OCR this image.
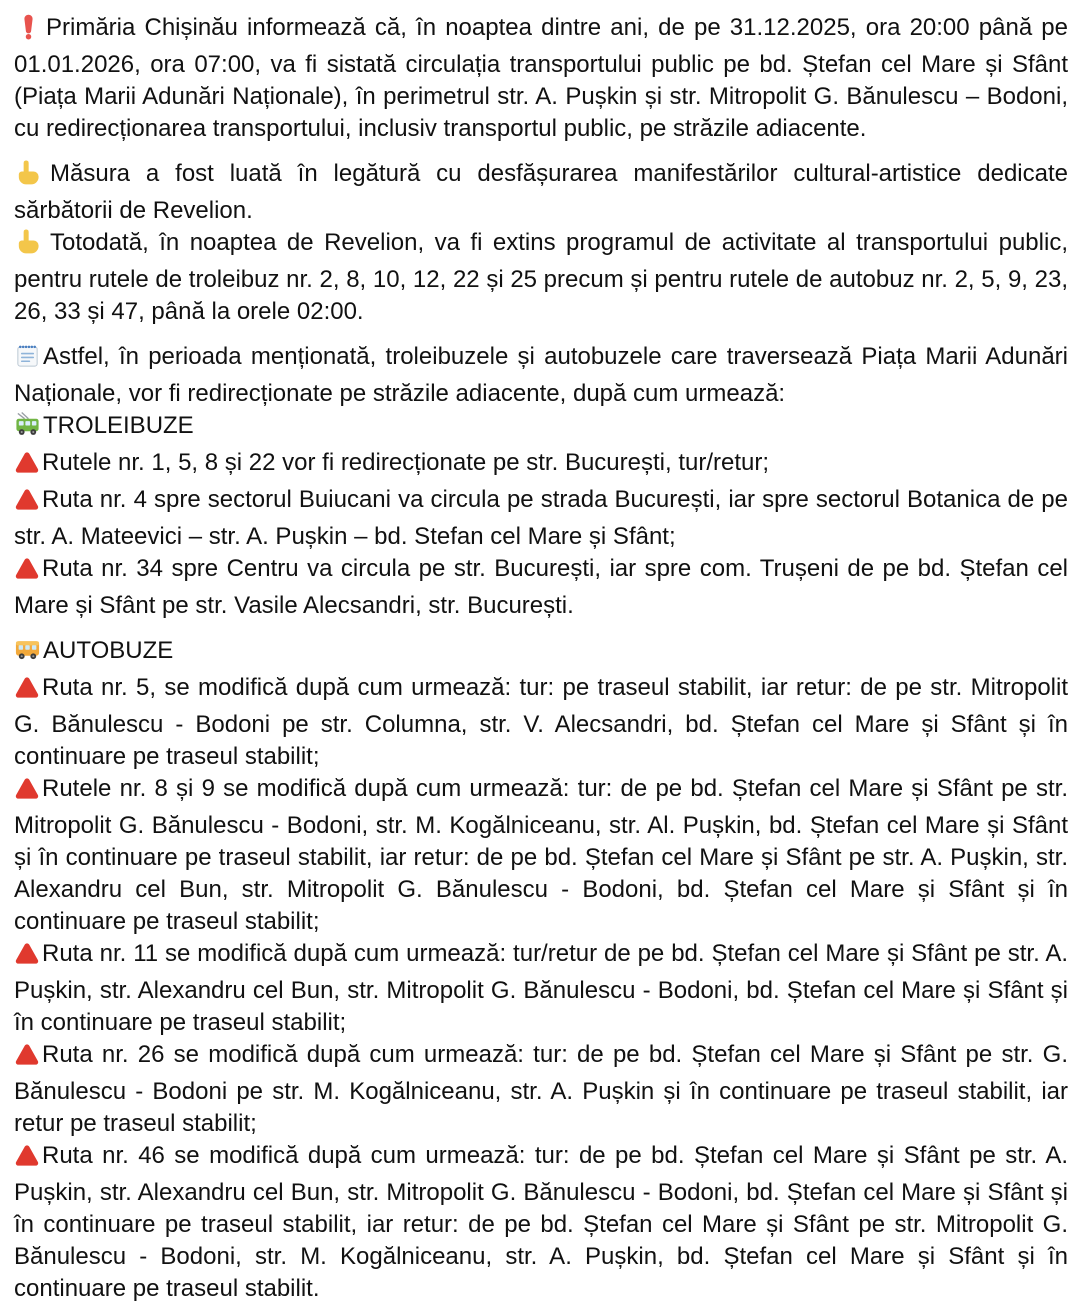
Primăria Chișinău informează că, în noaptea dintre ani, de pe 31.12.2025, ora 20:00 până pe 01.01.2026, ora 07:00, va fi sistată circulația transportului public pe bd. Ștefan cel Mare și Sfânt (Piața Marii Adunări Naționale), în perimetrul str. A. Pușkin și str. Mitropolit G. Bănulescu – Bodoni, cu redirecționarea transportului, inclusiv transportul public, pe străzile adiacente.

Măsura a fost luată în legătură cu desfășurarea manifestărilor cultural-artistice dedicate sărbătorii de Revelion.

Totodată, în noaptea de Revelion, va fi extins programul de activitate al transportului public, pentru rutele de troleibuz nr. 2, 8, 10, 12, 22 și 25 precum și pentru rutele de autobuz nr. 2, 5, 9, 23, 26, 33 și 47, până la orele 02:00.

Astfel, în perioada menționată, troleibuzele și autobuzele care traversează Piața Marii Adunări Naționale, vor fi redirecționate pe străzile adiacente, după cum urmează:

TROLEIBUZE

Rutele nr. 1, 5, 8 și 22 vor fi redirecționate pe str. București, tur/retur;

Ruta nr. 4 spre sectorul Buiucani va circula pe strada București, iar spre sectorul Botanica de pe str. A. Mateevici – str. A. Pușkin – bd. Stefan cel Mare și Sfânt;

Ruta nr. 34 spre Centru va circula pe str. București, iar spre com. Trușeni de pe bd. Ștefan cel Mare și Sfânt pe str. Vasile Alecsandri, str. București.

AUTOBUZE

Ruta nr. 5, se modifică după cum urmează: tur: pe traseul stabilit, iar retur: de pe str. Mitropolit G. Bănulescu - Bodoni pe str. Columna, str. V. Alecsandri, bd. Ștefan cel Mare și Sfânt și în continuare pe traseul stabilit;

Rutele nr. 8 și 9 se modifică după cum urmează: tur: de pe bd. Ștefan cel Mare și Sfânt pe str. Mitropolit G. Bănulescu - Bodoni, str. M. Kogălniceanu, str. Al. Pușkin, bd. Ștefan cel Mare și Sfânt și în continuare pe traseul stabilit, iar retur: de pe bd. Ștefan cel Mare și Sfânt pe str. A. Pușkin, str. Alexandru cel Bun, str. Mitropolit G. Bănulescu - Bodoni, bd. Ștefan cel Mare și Sfânt și în continuare pe traseul stabilit;

Ruta nr. 11 se modifică după cum urmează: tur/retur de pe bd. Ștefan cel Mare și Sfânt pe str. A. Pușkin, str. Alexandru cel Bun, str. Mitropolit G. Bănulescu - Bodoni, bd. Ștefan cel Mare și Sfânt și în continuare pe traseul stabilit;

Ruta nr. 26 se modifică după cum urmează: tur: de pe bd. Ștefan cel Mare și Sfânt pe str. G. Bănulescu - Bodoni pe str. M. Kogălniceanu, str. A. Pușkin și în continuare pe traseul stabilit, iar retur pe traseul stabilit;

Ruta nr. 46 se modifică după cum urmează: tur: de pe bd. Ștefan cel Mare și Sfânt pe str. A. Pușkin, str. Alexandru cel Bun, str. Mitropolit G. Bănulescu - Bodoni, bd. Ștefan cel Mare și Sfânt și în continuare pe traseul stabilit, iar retur: de pe bd. Ștefan cel Mare și Sfânt pe str. Mitropolit G. Bănulescu - Bodoni, str. M. Kogălniceanu, str. A. Pușkin, bd. Ștefan cel Mare și Sfânt și în continuare pe traseul stabilit.
